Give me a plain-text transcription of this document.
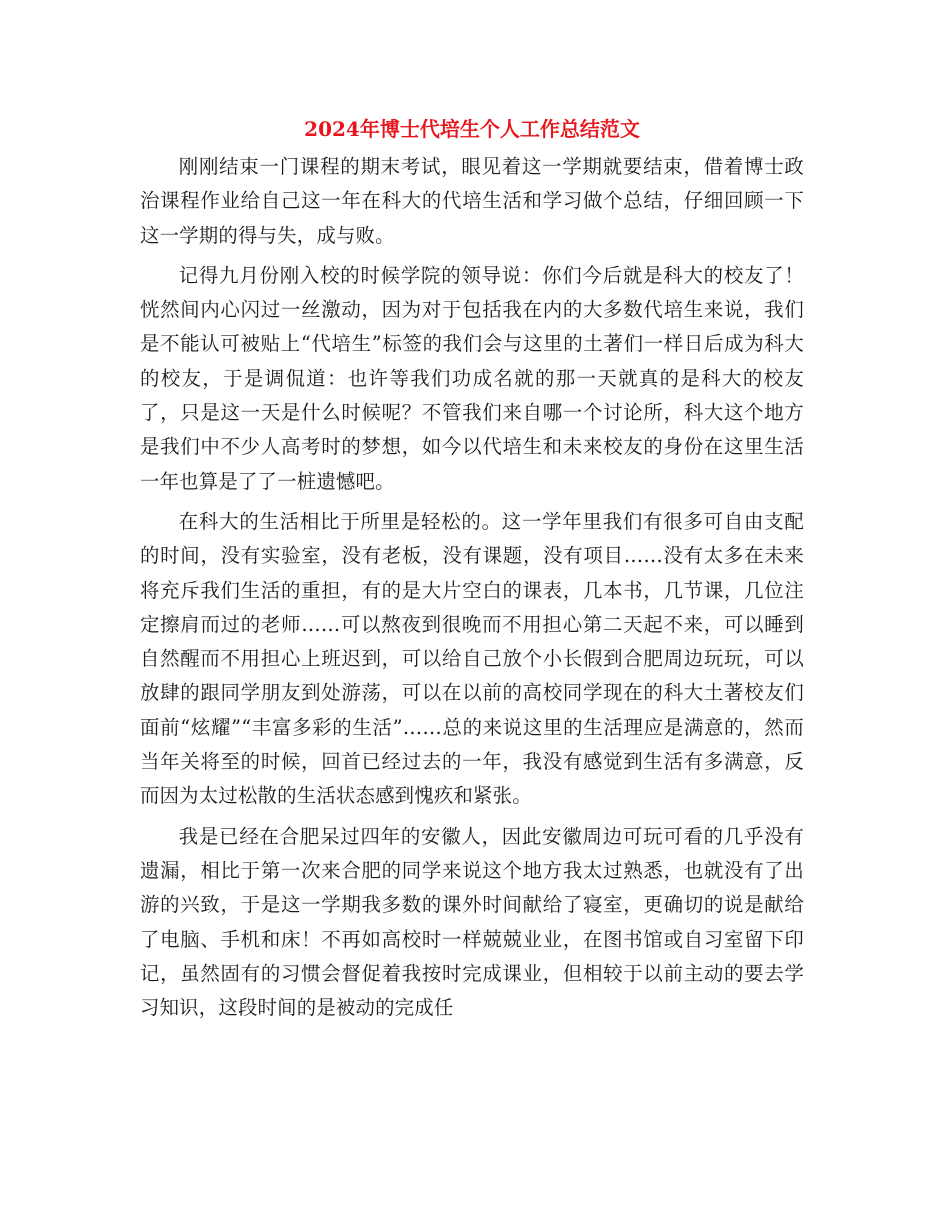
2024年博士代培生个人工作总结范文

刚刚结束一门课程的期末考试，眼见着这一学期就要结束，借着博士政治课程作业给自己这一年在科大的代培生活和学习做个总结，仔细回顾一下这一学期的得与失，成与败。

记得九月份刚入校的时候学院的领导说：你们今后就是科大的校友了！恍然间内心闪过一丝激动，因为对于包括我在内的大多数代培生来说，我们是不能认可被贴上“代培生”标签的我们会与这里的土著们一样日后成为科大的校友，于是调侃道：也许等我们功成名就的那一天就真的是科大的校友了，只是这一天是什么时候呢？不管我们来自哪一个讨论所，科大这个地方是我们中不少人高考时的梦想，如今以代培生和未来校友的身份在这里生活一年也算是了了一桩遗憾吧。

在科大的生活相比于所里是轻松的。这一学年里我们有很多可自由支配的时间，没有实验室，没有老板，没有课题，没有项目……没有太多在未来将充斥我们生活的重担，有的是大片空白的课表，几本书，几节课，几位注定擦肩而过的老师……可以熬夜到很晚而不用担心第二天起不来，可以睡到自然醒而不用担心上班迟到，可以给自己放个小长假到合肥周边玩玩，可以放肆的跟同学朋友到处游荡，可以在以前的高校同学现在的科大土著校友们面前“炫耀”“丰富多彩的生活”……总的来说这里的生活理应是满意的，然而当年关将至的时候，回首已经过去的一年，我没有感觉到生活有多满意，反而因为太过松散的生活状态感到愧疚和紧张。

我是已经在合肥呆过四年的安徽人，因此安徽周边可玩可看的几乎没有遗漏，相比于第一次来合肥的同学来说这个地方我太过熟悉，也就没有了出游的兴致，于是这一学期我多数的课外时间献给了寝室，更确切的说是献给了电脑、手机和床！不再如高校时一样兢兢业业，在图书馆或自习室留下印记，虽然固有的习惯会督促着我按时完成课业，但相较于以前主动的要去学习知识，这段时间的是被动的完成任
